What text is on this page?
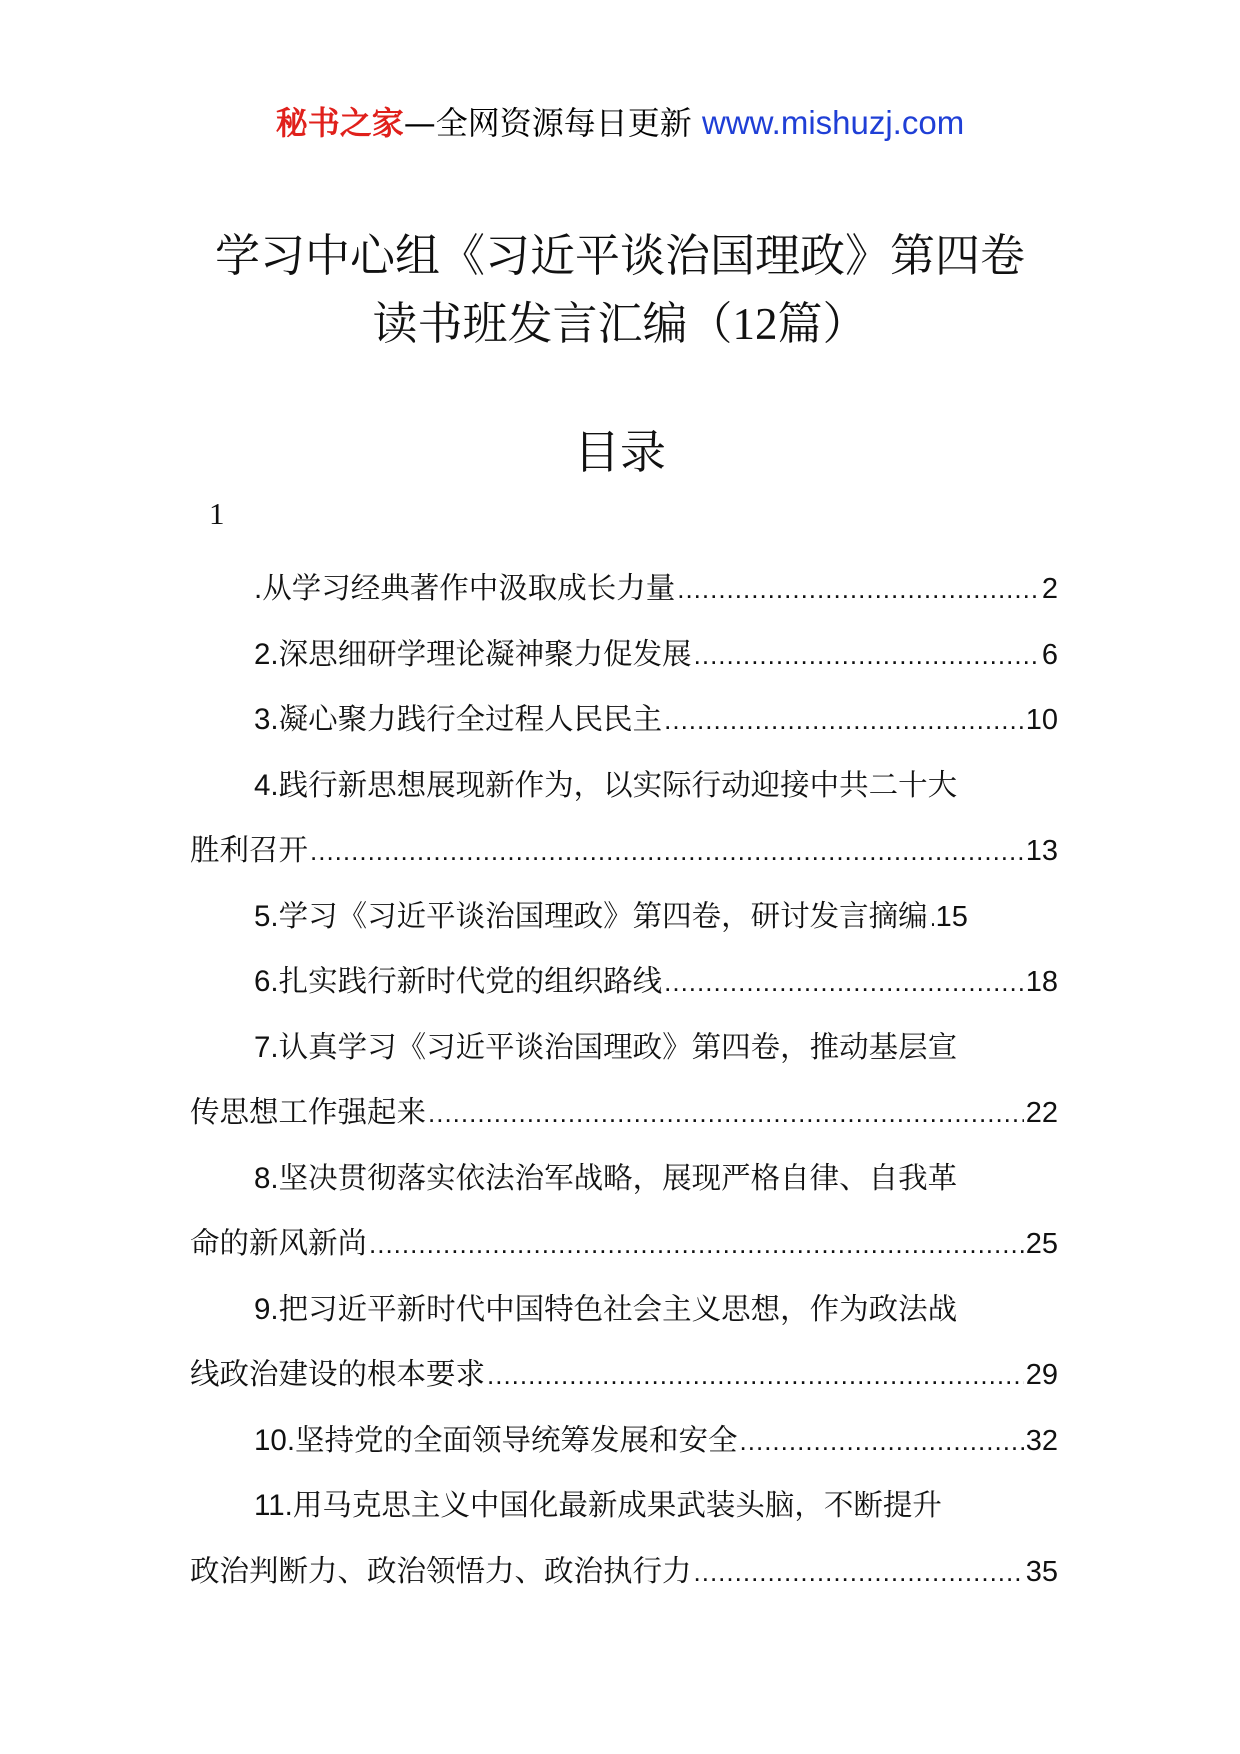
秘书之家—全网资源每日更新 www.mishuzj.com
学习中心组《习近平谈治国理政》第四卷
读书班发言汇编（12篇）
目录
1
. 从学习经典著作中汲取成长力量 .....	2
2. 深思细研学理论凝神聚力促发展 .....	6
3. 凝心聚力践行全过程人民民主 .....	10
4. 践行新思想展现新作为，以实际行动迎接中共二十大
胜利召开 .....	13
5. 学习《习近平谈治国理政》第四卷，研讨发言摘编 ..... 15
6. 扎实践行新时代党的组织路线 .....	18
7. 认真学习《习近平谈治国理政》第四卷，推动基层宣
传思想工作强起来 .....	22
8. 坚决贯彻落实依法治军战略，展现严格自律、自我革
命的新风新尚 .....	25
9. 把习近平新时代中国特色社会主义思想，作为政法战
线政治建设的根本要求 .....	29
10. 坚持党的全面领导统筹发展和安全 .....	32
11. 用马克思主义中国化最新成果武装头脑，不断提升
政治判断力、政治领悟力、政治执行力 .....	35
